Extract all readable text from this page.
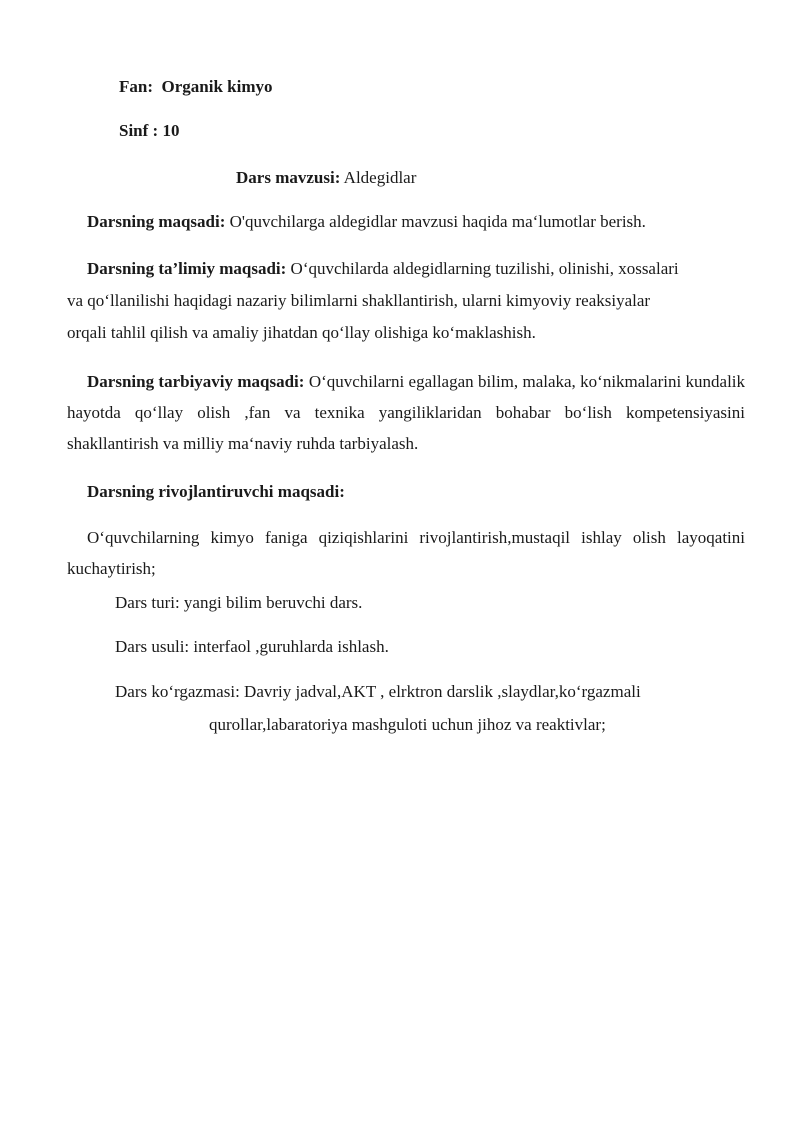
Fan: Organik kimyo
Sinf : 10
Dars mavzusi: Aldegidlar
Darsning maqsadi: O'quvchilarga aldegidlar mavzusi haqida ma‘lumotlar berish.
Darsning ta’limiy maqsadi: O‘quvchilarda aldegidlarning tuzilishi, olinishi, xossalari
va qo‘llanilishi haqidagi nazariy bilimlarni shakllantirish, ularni kimyoviy reaksiyalar
orqali tahlil qilish va amaliy jihatdan qo‘llay olishiga ko‘maklashish.
Darsning tarbiyaviy maqsadi: O‘quvchilarni egallagan bilim, malaka, ko‘nikmalarini kundalik hayotda qo‘llay olish ,fan va texnika yangiliklaridan bohabar bo‘lish kompetensiyasini shakllantirish va milliy ma‘naviy ruhda tarbiyalash.
Darsning rivojlantiruvchi maqsadi:
O‘quvchilarning kimyo faniga qiziqishlarini rivojlantirish,mustaqil ishlay olish layoqatini kuchaytirish;
Dars turi: yangi bilim beruvchi dars.
Dars usuli: interfaol ,guruhlarda ishlash.
Dars ko‘rgazmasi: Davriy jadval,AKT , elrktron darslik ,slaydlar,ko‘rgazmali
qurollar,labaratoriya mashguloti uchun jihoz va reaktivlar;
